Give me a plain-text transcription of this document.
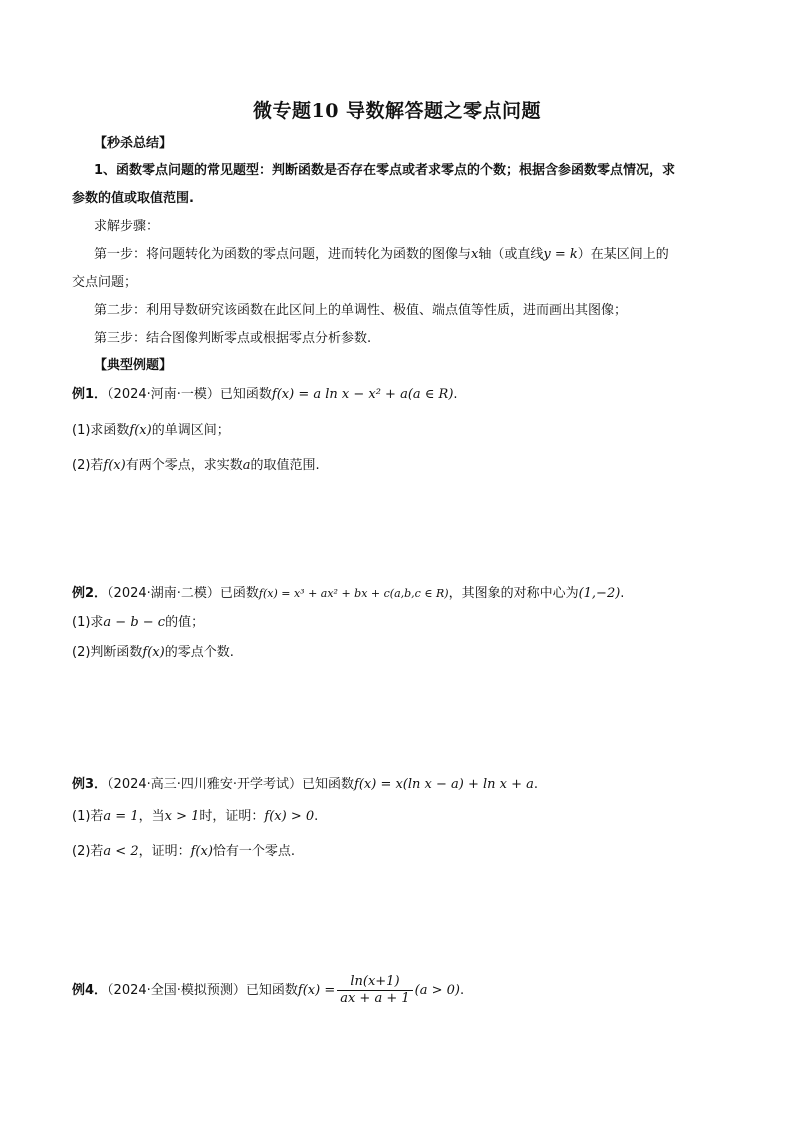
微专题10 导数解答题之零点问题
【秒杀总结】
1、函数零点问题的常见题型：判断函数是否存在零点或者求零点的个数；根据含参函数零点情况，求
参数的值或取值范围.
求解步骤：
第一步：将问题转化为函数的零点问题，进而转化为函数的图像与x轴（或直线y = k）在某区间上的
交点问题；
第二步：利用导数研究该函数在此区间上的单调性、极值、端点值等性质，进而画出其图像；
第三步：结合图像判断零点或根据零点分析参数.
【典型例题】
例1．（2024·河南·一模）已知函数f(x) = a ln x − x² + a(a ∈ R).
(1)求函数f(x)的单调区间；
(2)若f(x)有两个零点，求实数a的取值范围.
例2．（2024·湖南·二模）已函数f(x) = x³ + ax² + bx + c(a,b,c ∈ R)，其图象的对称中心为(1,−2).
(1)求a − b − c的值；
(2)判断函数f(x)的零点个数.
例3．（2024·高三·四川雅安·开学考试）已知函数f(x) = x(ln x − a) + ln x + a.
(1)若a = 1，当x > 1时，证明：f(x) > 0.
(2)若a < 2，证明：f(x)恰有一个零点.
例4．（2024·全国·模拟预测）已知函数$f(x) = \frac{\ln(x+1)}{ax + a + 1} (a > 0)$.
